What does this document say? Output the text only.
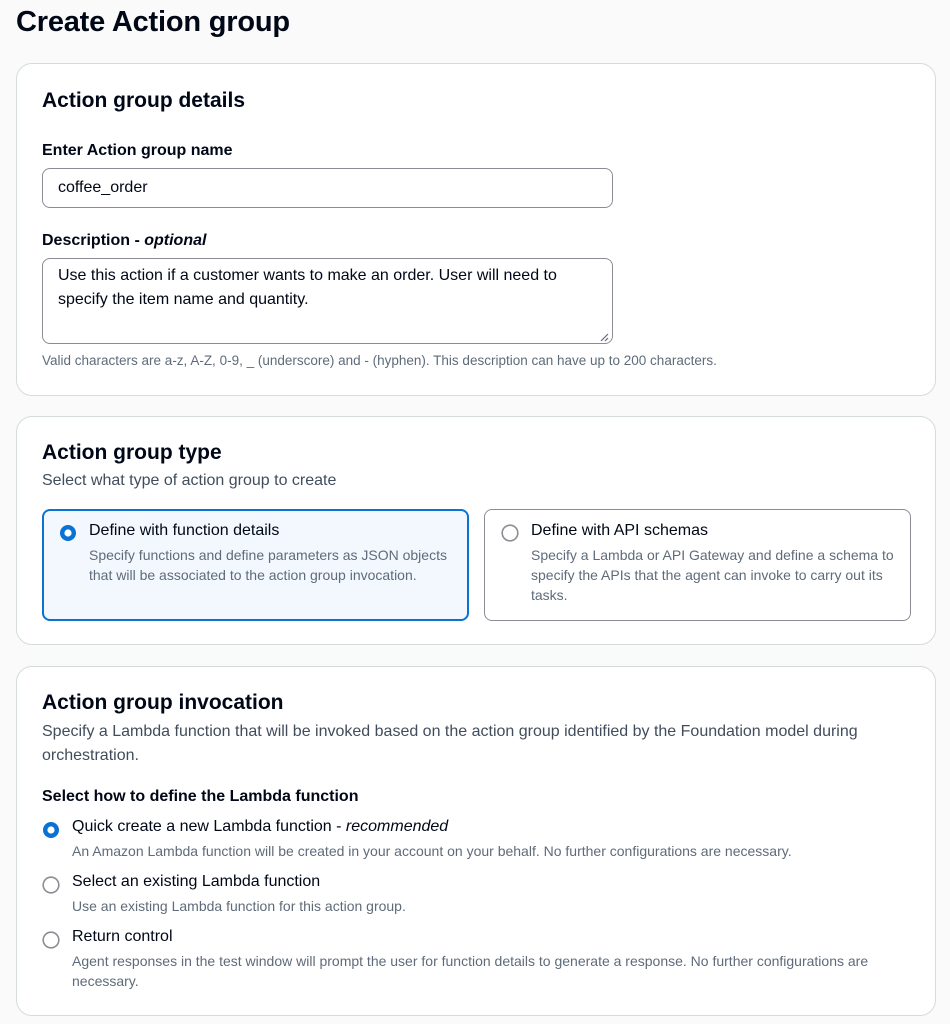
Create Action group
Action group details
Enter Action group name
coffee_order
Description - optional
Use this action if a customer wants to make an order. User will need to specify the item name and quantity.
Valid characters are a-z, A-Z, 0-9, _ (underscore) and - (hyphen). This description can have up to 200 characters.
Action group type

Select what type of action group to create

Define with function details
Specify functions and define parameters as JSON objects that will be associated to the action group invocation.
Define with API schemas
Specify a Lambda or API Gateway and define a schema to specify the APIs that the agent can invoke to carry out its tasks.
Action group invocation

Specify a Lambda function that will be invoked based on the action group identified by the Foundation model during orchestration.

Select how to define the Lambda function
Quick create a new Lambda function - recommended
An Amazon Lambda function will be created in your account on your behalf. No further configurations are necessary.
Select an existing Lambda function
Use an existing Lambda function for this action group.
Return control
Agent responses in the test window will prompt the user for function details to generate a response. No further configurations are necessary.
